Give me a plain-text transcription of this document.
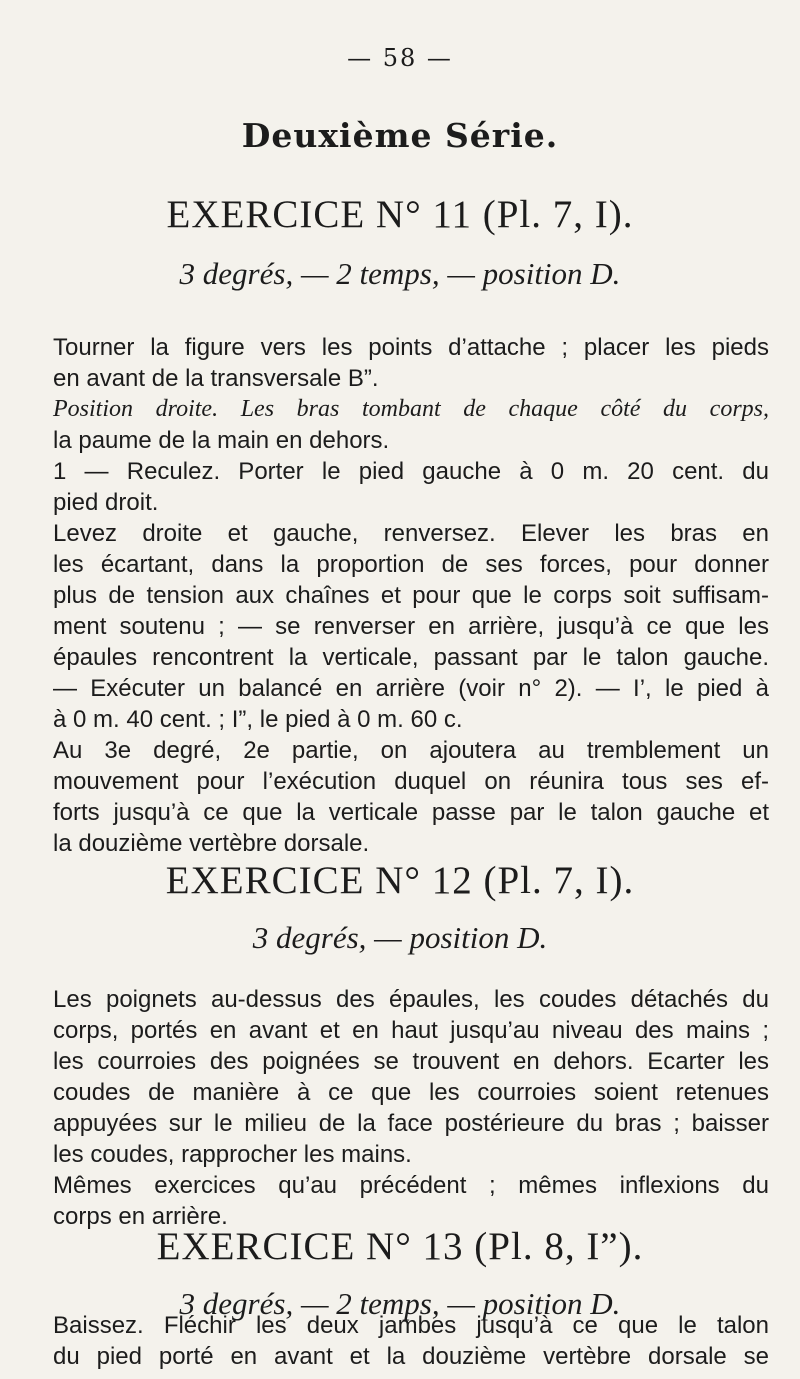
— 58 —
Deuxième Série.
EXERCICE N° 11 (Pl. 7, I).
3 degrés, — 2 temps, — position D.
Tourner la figure vers les points d’attache ; placer les pieds
en avant de la transversale B”.
Position droite. Les bras tombant de chaque côté du corps,
la paume de la main en dehors.
1 — Reculez. Porter le pied gauche à 0 m. 20 cent. du
pied droit.
Levez droite et gauche, renversez. Elever les bras en
les écartant, dans la proportion de ses forces, pour donner
plus de tension aux chaînes et pour que le corps soit suffisam-
ment soutenu ; — se renverser en arrière, jusqu’à ce que les
épaules rencontrent la verticale, passant par le talon gauche.
— Exécuter un balancé en arrière (voir n° 2). — I’, le pied à
à 0 m. 40 cent. ; I”, le pied à 0 m. 60 c.
Au 3e degré, 2e partie, on ajoutera au tremblement un
mouvement pour l’exécution duquel on réunira tous ses ef-
forts jusqu’à ce que la verticale passe par le talon gauche et
la douzième vertèbre dorsale.
EXERCICE N° 12 (Pl. 7, I).
3 degrés, — position D.
Les poignets au-dessus des épaules, les coudes détachés du
corps, portés en avant et en haut jusqu’au niveau des mains ;
les courroies des poignées se trouvent en dehors. Ecarter les
coudes de manière à ce que les courroies soient retenues
appuyées sur le milieu de la face postérieure du bras ; baisser
les coudes, rapprocher les mains.
Mêmes exercices qu’au précédent ; mêmes inflexions du
corps en arrière.
EXERCICE N° 13 (Pl. 8, I”).
3 degrés, — 2 temps, — position D.
Baissez. Fléchir les deux jambes jusqu’à ce que le talon
du pied porté en avant et la douzième vertèbre dorsale se
